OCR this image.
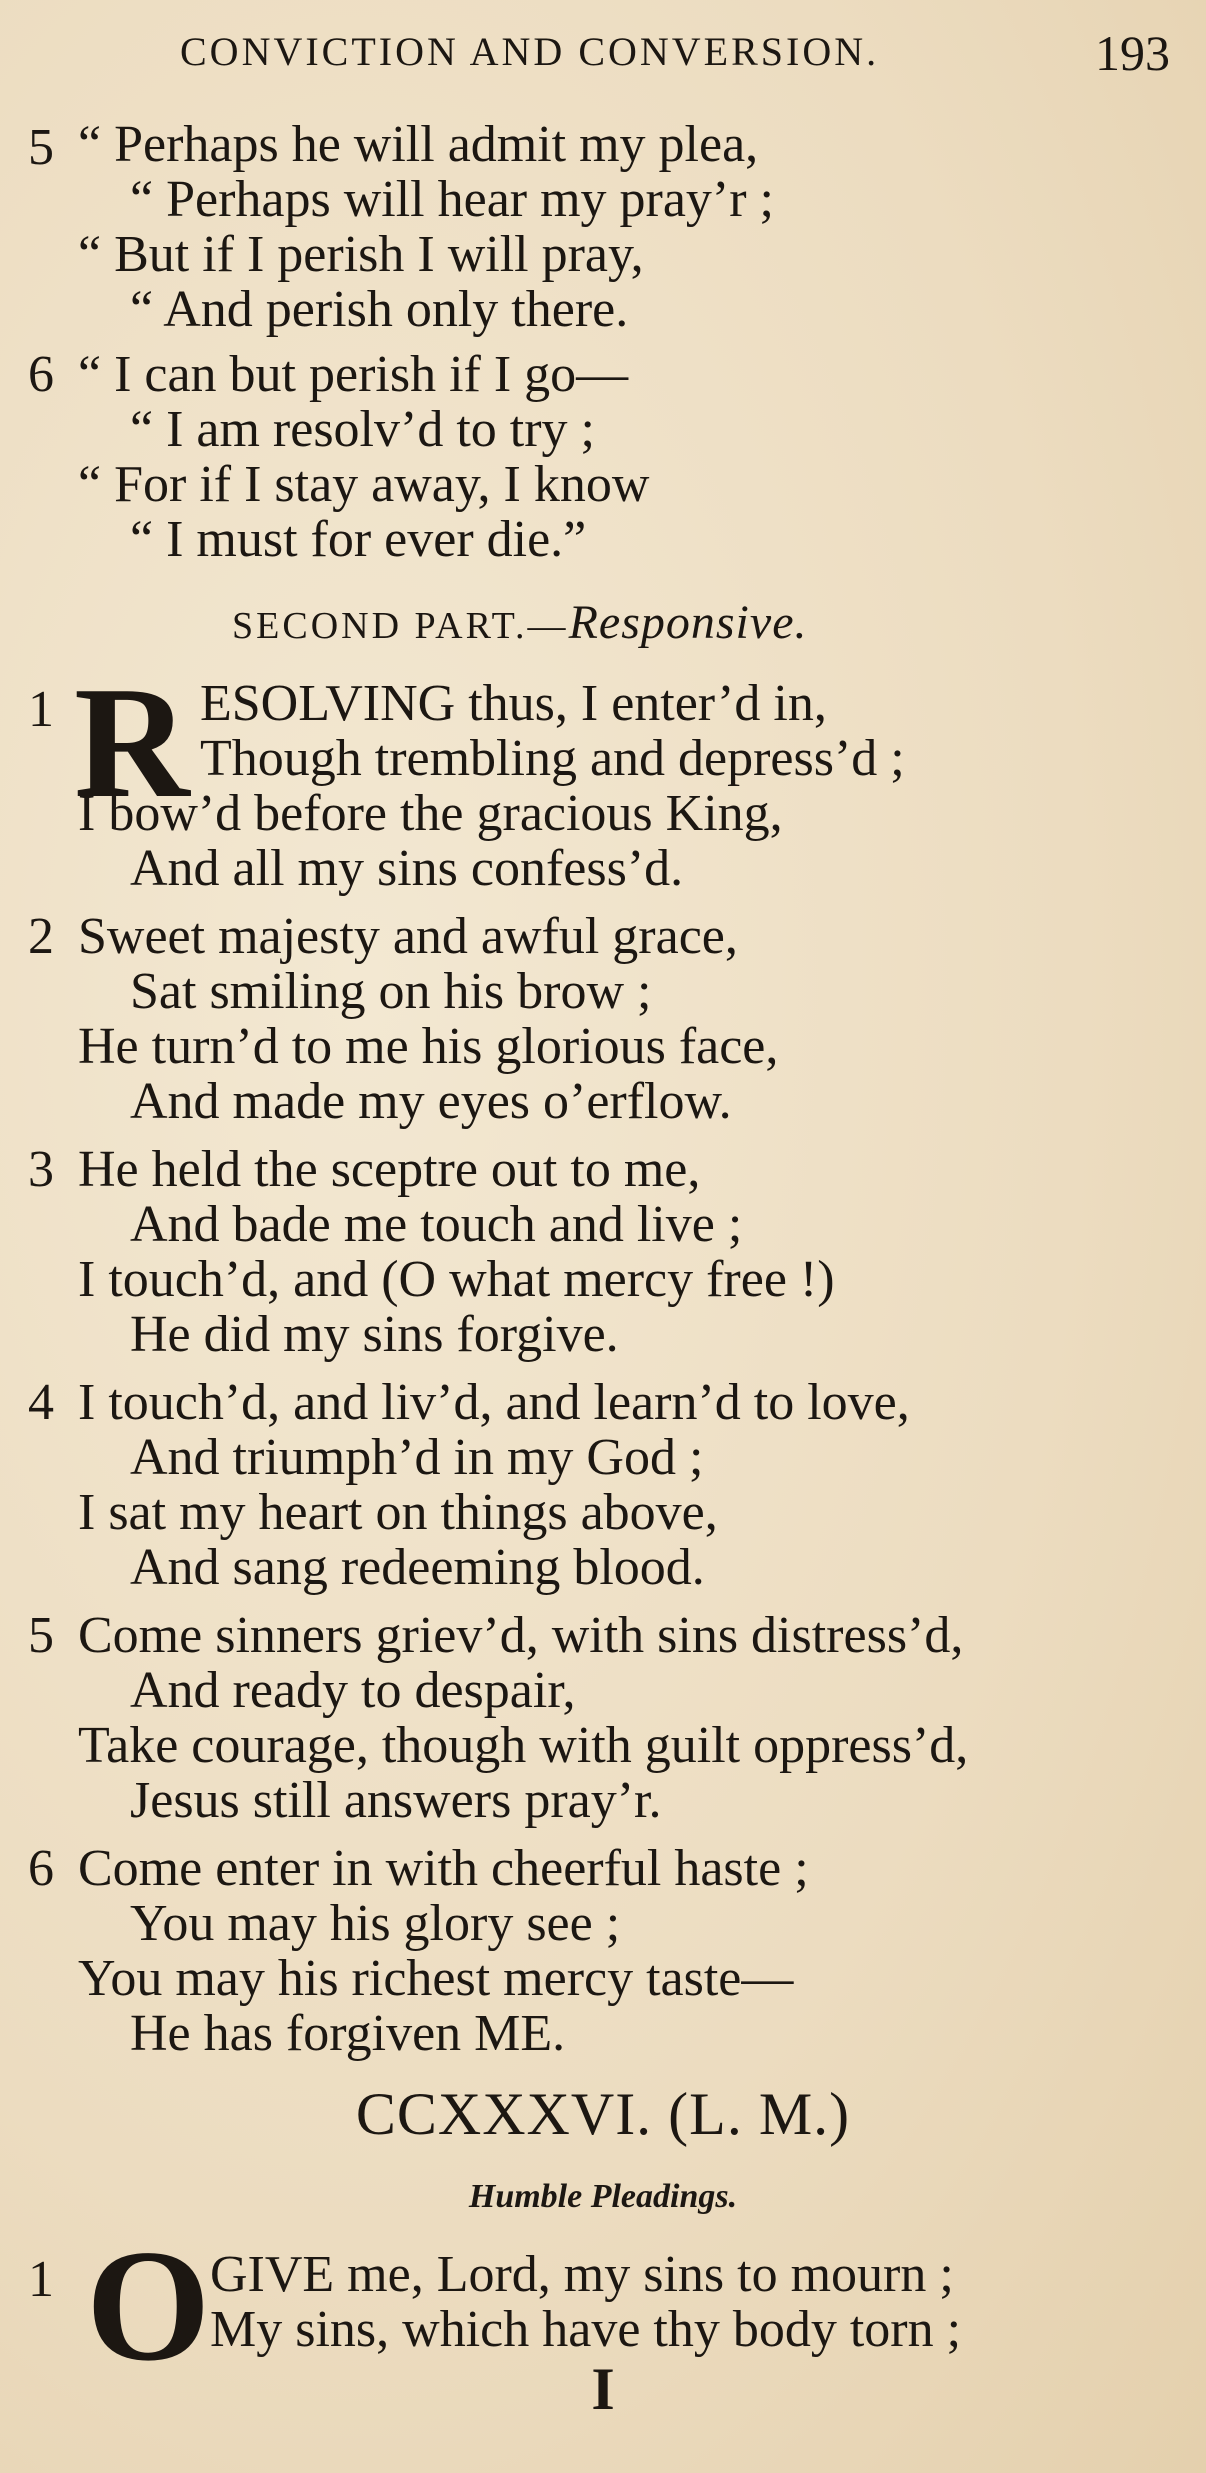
CONVICTION AND CONVERSION.	193
5 “ Perhaps he will admit my plea,
“ Perhaps will hear my pray’r ;
“ But if I perish I will pray,
“ And perish only there.
6 “ I can but perish if I go—
“ I am resolv’d to try ;
“ For if I stay away, I know
“ I must for ever die.”
SECOND PART.—Responsive.
1 R ESOLVING thus, I enter’d in,
Though trembling and depress’d ;
I bow’d before the gracious King,
And all my sins confess’d.
2 Sweet majesty and awful grace,
Sat smiling on his brow ;
He turn’d to me his glorious face,
And made my eyes o’erflow.
3 He held the sceptre out to me,
And bade me touch and live ;
I touch’d, and (O what mercy free !)
He did my sins forgive.
4 I touch’d, and liv’d, and learn’d to love,
And triumph’d in my God ;
I sat my heart on things above,
And sang redeeming blood.
5 Come sinners griev’d, with sins distress’d,
And ready to despair,
Take courage, though with guilt oppress’d,
Jesus still answers pray’r.
6 Come enter in with cheerful haste ;
You may his glory see ;
You may his richest mercy taste—
He has forgiven ME.
CCXXXVI. (L. M.)
Humble Pleadings.
1 O GIVE me, Lord, my sins to mourn ;
My sins, which have thy body torn ;
I
